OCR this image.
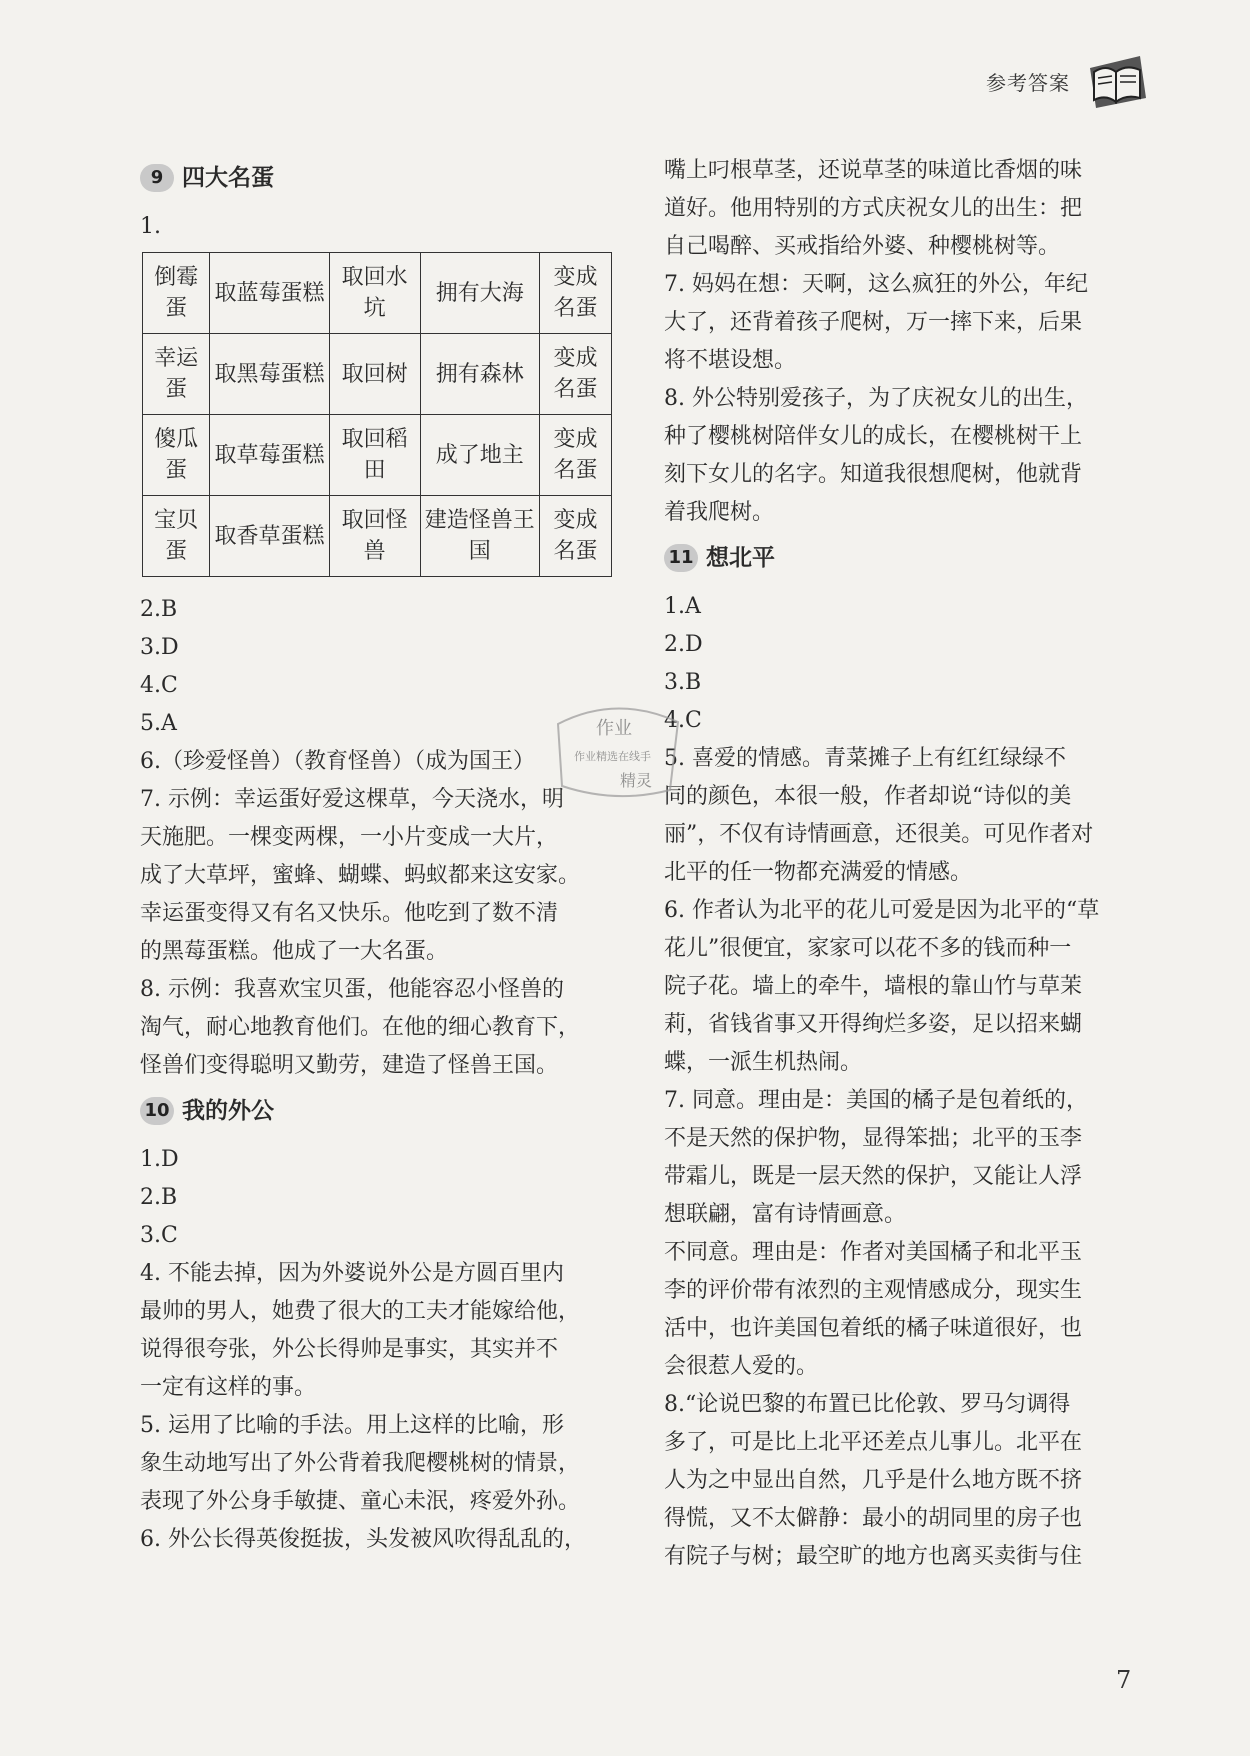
参考答案
9 四大名蛋

1.

倒霉蛋	取蓝莓蛋糕	取回水坑	拥有大海	变成名蛋
幸运蛋	取黑莓蛋糕	取回树	拥有森林	变成名蛋
傻瓜蛋	取草莓蛋糕	取回稻田	成了地主	变成名蛋
宝贝蛋	取香草蛋糕	取回怪兽	建造怪兽王国	变成名蛋

2.B

3.D

4.C

5.A

6.（珍爱怪兽）（教育怪兽）（成为国王）

7. 示例：幸运蛋好爱这棵草，今天浇水，明

天施肥。一棵变两棵，一小片变成一大片，

成了大草坪，蜜蜂、蝴蝶、蚂蚁都来这安家。

幸运蛋变得又有名又快乐。他吃到了数不清

的黑莓蛋糕。他成了一大名蛋。

8. 示例：我喜欢宝贝蛋，他能容忍小怪兽的

淘气，耐心地教育他们。在他的细心教育下，

怪兽们变得聪明又勤劳，建造了怪兽王国。

10 我的外公

1.D

2.B

3.C

4. 不能去掉，因为外婆说外公是方圆百里内

最帅的男人，她费了很大的工夫才能嫁给他，

说得很夸张，外公长得帅是事实，其实并不

一定有这样的事。

5. 运用了比喻的手法。用上这样的比喻，形

象生动地写出了外公背着我爬樱桃树的情景，

表现了外公身手敏捷、童心未泯，疼爱外孙。

6. 外公长得英俊挺拔，头发被风吹得乱乱的，

嘴上叼根草茎，还说草茎的味道比香烟的味

道好。他用特别的方式庆祝女儿的出生：把

自己喝醉、买戒指给外婆、种樱桃树等。

7. 妈妈在想：天啊，这么疯狂的外公，年纪

大了，还背着孩子爬树，万一摔下来，后果

将不堪设想。

8. 外公特别爱孩子，为了庆祝女儿的出生，

种了樱桃树陪伴女儿的成长，在樱桃树干上

刻下女儿的名字。知道我很想爬树，他就背

着我爬树。

11 想北平

1.A

2.D

3.B

4.C

5. 喜爱的情感。青菜摊子上有红红绿绿不

同的颜色，本很一般，作者却说“诗似的美

丽”，不仅有诗情画意，还很美。可见作者对

北平的任一物都充满爱的情感。

6. 作者认为北平的花儿可爱是因为北平的“草

花儿”很便宜，家家可以花不多的钱而种一

院子花。墙上的牵牛，墙根的靠山竹与草茉

莉，省钱省事又开得绚烂多姿，足以招来蝴

蝶，一派生机热闹。

7. 同意。理由是：美国的橘子是包着纸的，

不是天然的保护物，显得笨拙；北平的玉李

带霜儿，既是一层天然的保护，又能让人浮

想联翩，富有诗情画意。

不同意。理由是：作者对美国橘子和北平玉

李的评价带有浓烈的主观情感成分，现实生

活中，也许美国包着纸的橘子味道很好，也

会很惹人爱的。

8.“论说巴黎的布置已比伦敦、罗马匀调得

多了，可是比上北平还差点儿事儿。北平在

人为之中显出自然，几乎是什么地方既不挤

得慌，又不太僻静：最小的胡同里的房子也

有院子与树；最空旷的地方也离买卖街与住

作业
作业精选在线手
精灵
7
